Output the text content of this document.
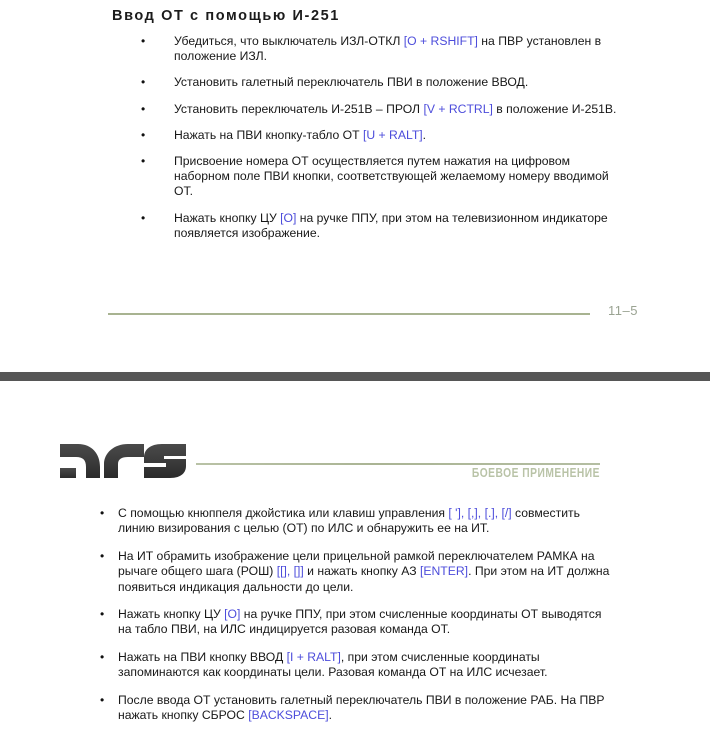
Ввод ОТ с помощью И-251
• Убедиться, что выключатель ИЗЛ-ОТКЛ [O + RSHIFT] на ПВР установлен в положение ИЗЛ.
• Установить галетный переключатель ПВИ в положение ВВОД.
• Установить переключатель И-251В – ПРОЛ [V + RCTRL] в положение И-251В.
• Нажать на ПВИ кнопку-табло ОТ [U + RALT].
• Присвоение номера ОТ осуществляется путем нажатия на цифровом наборном поле ПВИ кнопки, соответствующей желаемому номеру вводимой ОТ.
• Нажать кнопку ЦУ [O] на ручке ППУ, при этом на телевизионном индикаторе появляется изображение.
11–5
БОЕВОЕ ПРИМЕНЕНИЕ
• С помощью кнюппеля джойстика или клавиш управления [ '], [,], [.], [/] совместить линию визирования с целью (ОТ) по ИЛС и обнаружить ее на ИТ.
• На ИТ обрамить изображение цели прицельной рамкой переключателем РАМКА на рычаге общего шага (РОШ) [[], []] и нажать кнопку АЗ [ENTER]. При этом на ИТ должна появиться индикация дальности до цели.
• Нажать кнопку ЦУ [O] на ручке ППУ, при этом счисленные координаты ОТ выводятся на табло ПВИ, на ИЛС индицируется разовая команда ОТ.
• Нажать на ПВИ кнопку ВВОД [I + RALT], при этом счисленные координаты запоминаются как координаты цели. Разовая команда ОТ на ИЛС исчезает.
• После ввода ОТ установить галетный переключатель ПВИ в положение РАБ. На ПВР нажать кнопку СБРОС [BACKSPACE].
